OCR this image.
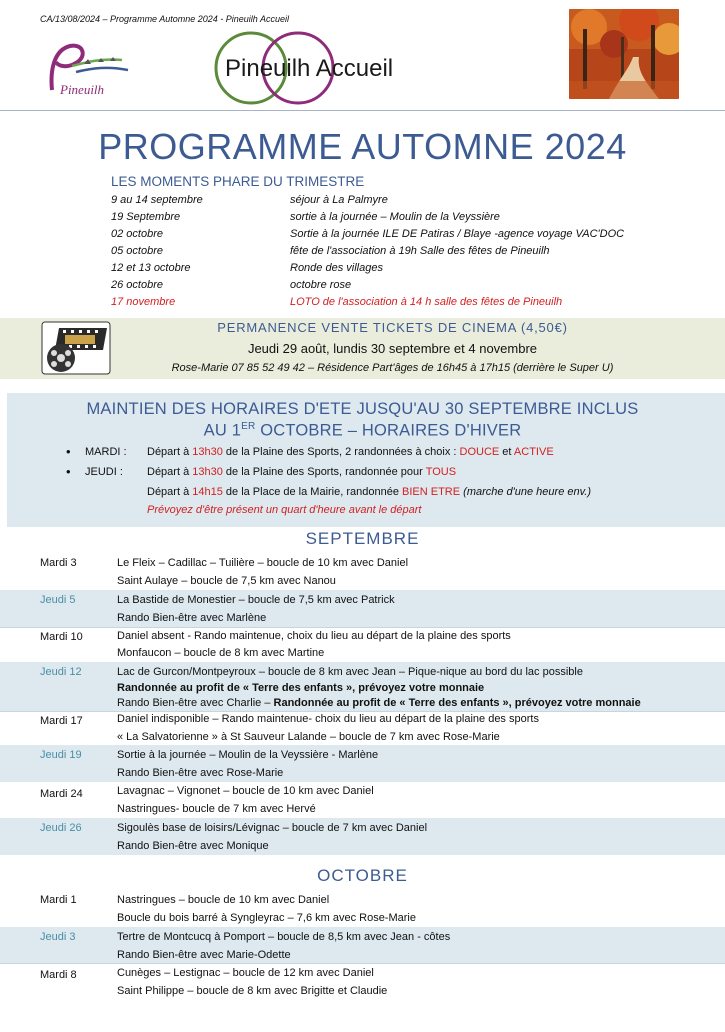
CA/13/08/2024 – Programme Automne 2024 - Pineuilh Accueil
Pineuilh
Pineuilh Accueil
PROGRAMME AUTOMNE 2024
LES MOMENTS PHARE DU TRIMESTRE
9 au 14 septembre	séjour à La Palmyre
19 Septembre	sortie à la journée – Moulin de la Veyssière
02 octobre	Sortie à la journée ILE DE Patiras / Blaye -agence voyage VAC'DOC
05 octobre	fête de l'association à 19h Salle des fêtes de Pineuilh
12 et 13 octobre	Ronde des villages
26 octobre	octobre rose
17 novembre	LOTO de l'association à 14 h salle des fêtes de Pineuilh
PERMANENCE VENTE TICKETS DE CINEMA (4,50€)
Jeudi 29 août, lundis 30 septembre et 4 novembre
Rose-Marie 07 85 52 49 42 – Résidence Part'âges de 16h45 à 17h15 (derrière le Super U)
MAINTIEN DES HORAIRES D'ETE JUSQU'AU 30 SEPTEMBRE INCLUS
AU 1ER OCTOBRE – HORAIRES D'HIVER
• MARDI : Départ à 13h30 de la Plaine des Sports, 2 randonnées à choix : DOUCE et ACTIVE
• JEUDI : Départ à 13h30 de la Plaine des Sports, randonnée pour TOUS
Départ à 14h15 de la Place de la Mairie, randonnée BIEN ETRE (marche d'une heure env.)
Prévoyez d'être présent un quart d'heure avant le départ
SEPTEMBRE
Mardi 3	Le Fleix – Cadillac – Tuilière – boucle de 10 km avec Daniel
Saint Aulaye – boucle de 7,5 km avec Nanou
Jeudi 5	La Bastide de Monestier – boucle de 7,5 km avec Patrick
Rando Bien-être avec Marlène
Mardi 10	Daniel absent - Rando maintenue, choix du lieu au départ de la plaine des sports
Monfaucon – boucle de 8 km avec Martine
Jeudi 12	Lac de Gurcon/Montpeyroux – boucle de 8 km avec Jean – Pique-nique au bord du lac possible
Randonnée au profit de « Terre des enfants », prévoyez votre monnaie
Rando Bien-être avec Charlie – Randonnée au profit de « Terre des enfants », prévoyez votre monnaie
Mardi 17	Daniel indisponible – Rando maintenue- choix du lieu au départ de la plaine des sports
« La Salvatorienne » à St Sauveur Lalande – boucle de 7 km avec Rose-Marie
Jeudi 19	Sortie à la journée – Moulin de la Veyssière - Marlène
Rando Bien-être avec Rose-Marie
Mardi 24	Lavagnac – Vignonet – boucle de 10 km avec Daniel
Nastringues- boucle de 7 km avec Hervé
Jeudi 26	Sigoulès base de loisirs/Lévignac – boucle de 7 km avec Daniel
Rando Bien-être avec Monique
OCTOBRE
Mardi 1	Nastringues – boucle de 10 km avec Daniel
Boucle du bois barré à Syngleyrac – 7,6 km avec Rose-Marie
Jeudi 3	Tertre de Montcucq à Pomport – boucle de 8,5 km avec Jean - côtes
Rando Bien-être avec Marie-Odette
Mardi 8	Cunèges – Lestignac – boucle de 12 km avec Daniel
Saint Philippe – boucle de 8 km avec Brigitte et Claudie
